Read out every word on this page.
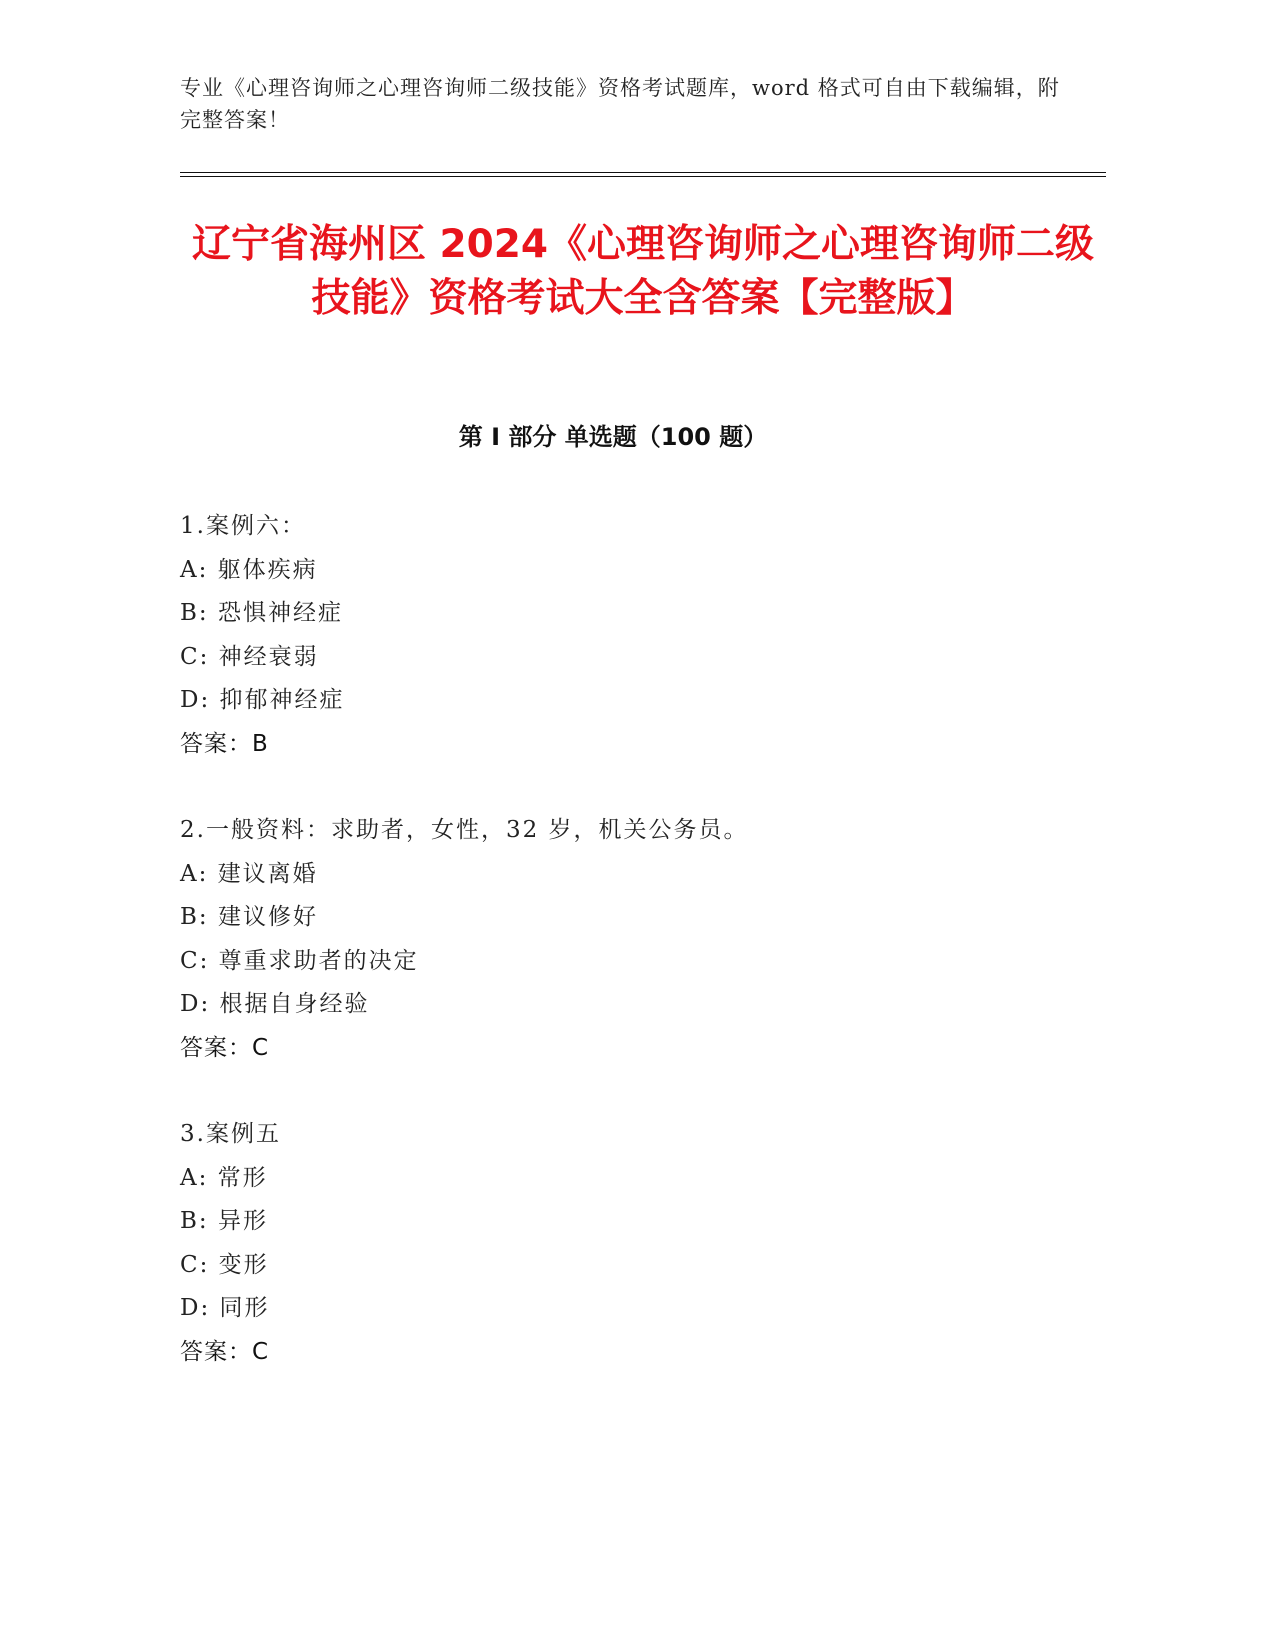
专业《心理咨询师之心理咨询师二级技能》资格考试题库，word 格式可自由下载编辑，附完整答案！
辽宁省海州区 2024《心理咨询师之心理咨询师二级技能》资格考试大全含答案【完整版】
第 I 部分 单选题（100 题）
1.案例六：
A: 躯体疾病
B: 恐惧神经症
C: 神经衰弱
D: 抑郁神经症
答案：B
2.一般资料：求助者，女性，32 岁，机关公务员。
A: 建议离婚
B: 建议修好
C: 尊重求助者的决定
D: 根据自身经验
答案：C
3.案例五
A: 常形
B: 异形
C: 变形
D: 同形
答案：C
